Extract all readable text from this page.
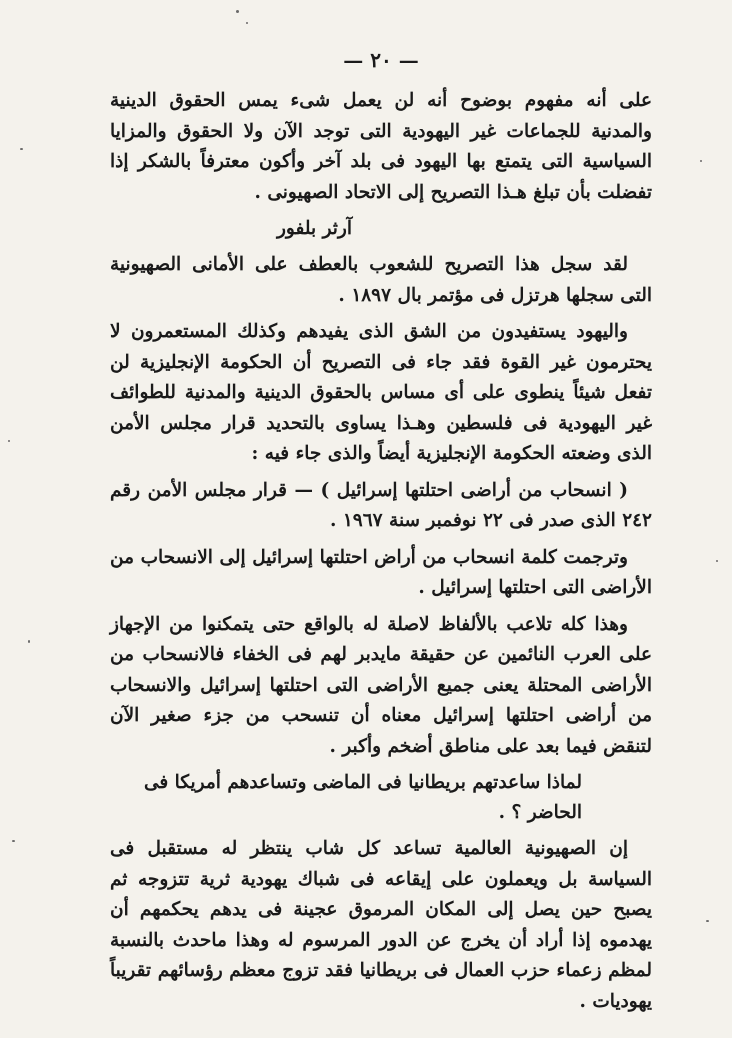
— ٢٠ —

على أنه مفهوم بوضوح أنه لن يعمل شىء يمس الحقوق الدينية والمدنية للجماعات غير اليهودية التى توجد الآن ولا الحقوق والمزايا السياسية التى يتمتع بها اليهود فى بلد آخر وأكون معترفاً بالشكر إذا تفضلت بأن تبلغ هـذا التصريح إلى الاتحاد الصهيونى .

آرثر بلفور

لقد سجل هذا التصريح للشعوب بالعطف على الأمانى الصهيونية التى سجلها هرتزل فى مؤتمر بال ١٨٩٧ .

واليهود يستفيدون من الشق الذى يفيدهم وكذلك المستعمرون لا يحترمون غير القوة فقد جاء فى التصريح أن الحكومة الإنجليزية لن تفعل شيئاً ينطوى على أى مساس بالحقوق الدينية والمدنية للطوائف غير اليهودية فى فلسطين وهـذا يساوى بالتحديد قرار مجلس الأمن الذى وضعته الحكومة الإنجليزية أيضاً والذى جاء فيه :

( انسحاب من أراضى احتلتها إسرائيل ) — قرار مجلس الأمن رقم ٢٤٢ الذى صدر فى ٢٢ نوفمبر سنة ١٩٦٧ .

وترجمت كلمة انسحاب من أراض احتلتها إسرائيل إلى الانسحاب من الأراضى التى احتلتها إسرائيل .

وهذا كله تلاعب بالألفاظ لاصلة له بالواقع حتى يتمكنوا من الإجهاز على العرب النائمين عن حقيقة مايدبر لهم فى الخفاء فالانسحاب من الأراضى المحتلة يعنى جميع الأراضى التى احتلتها إسرائيل والانسحاب من أراضى احتلتها إسرائيل معناه أن تنسحب من جزء صغير الآن لتنقض فيما بعد على مناطق أضخم وأكبر .

لماذا ساعدتهم بريطانيا فى الماضى وتساعدهم أمريكا فى الحاضر ؟ .

إن الصهيونية العالمية تساعد كل شاب ينتظر له مستقبل فى السياسة بل ويعملون على إيقاعه فى شباك يهودية ثرية تتزوجه ثم يصبح حين يصل إلى المكان المرموق عجينة فى يدهم يحكمهم أن يهدموه إذا أراد أن يخرج عن الدور المرسوم له وهذا ماحدث بالنسبة لمظم زعماء حزب العمال فى بريطانيا فقد تزوج معظم رؤسائهم تقريباً يهوديات .
